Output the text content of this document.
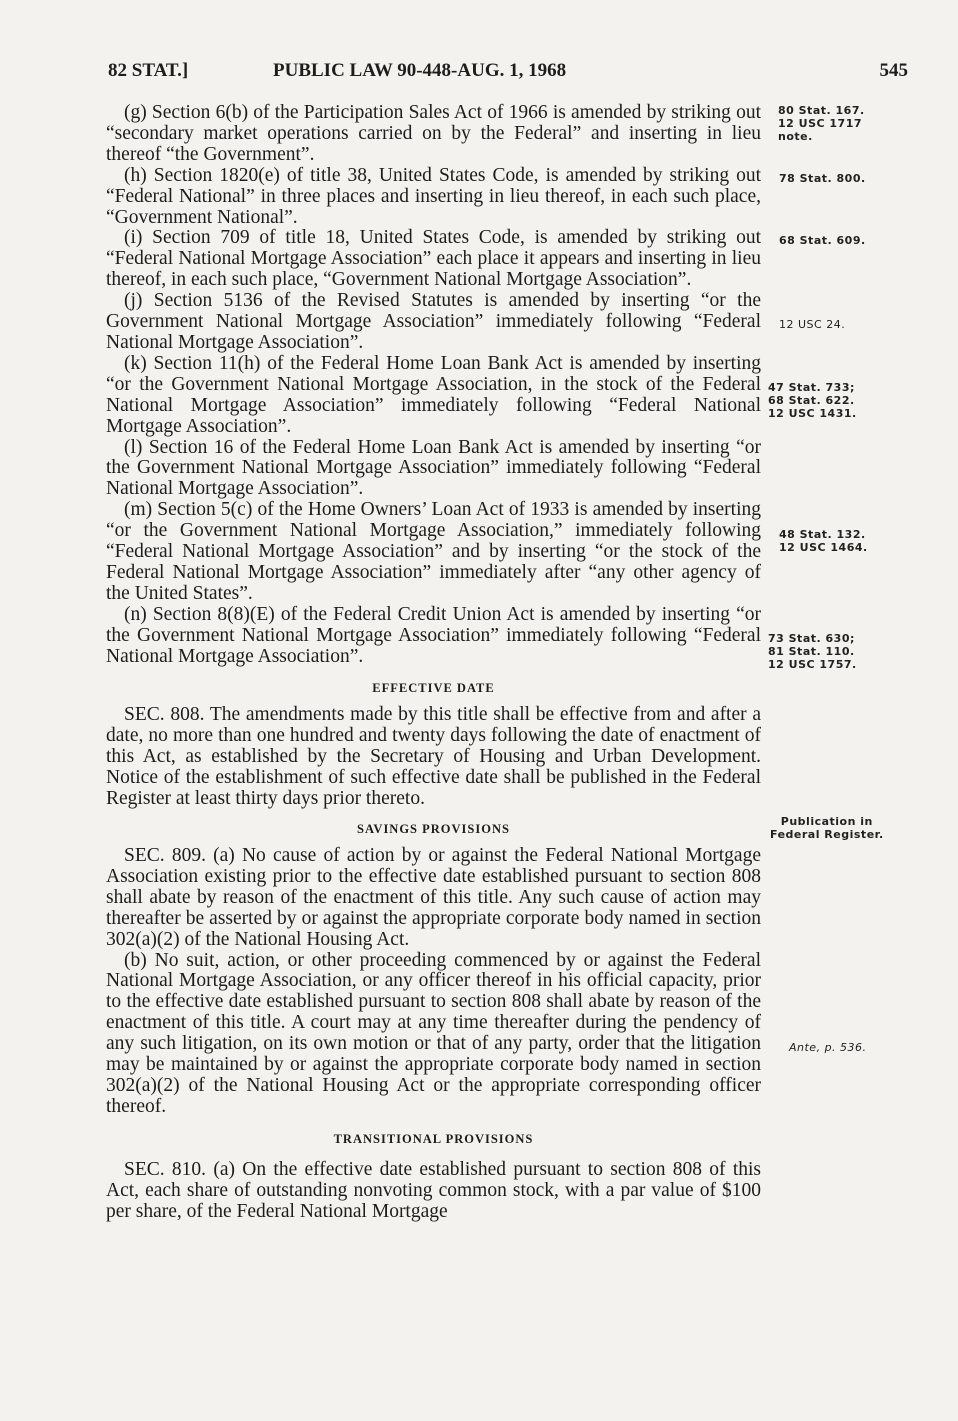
82 STAT.]	PUBLIC LAW 90-448-AUG. 1, 1968	545

(g) Section 6(b) of the Participation Sales Act of 1966 is amended by striking out “secondary market operations carried on by the Federal” and inserting in lieu thereof “the Government”.

(h) Section 1820(e) of title 38, United States Code, is amended by striking out “Federal National” in three places and inserting in lieu thereof, in each such place, “Government National”.

(i) Section 709 of title 18, United States Code, is amended by striking out “Federal National Mortgage Association” each place it appears and inserting in lieu thereof, in each such place, “Government National Mortgage Association”.

(j) Section 5136 of the Revised Statutes is amended by inserting “or the Government National Mortgage Association” immediately following “Federal National Mortgage Association”.

(k) Section 11(h) of the Federal Home Loan Bank Act is amended by inserting “or the Government National Mortgage Association, in the stock of the Federal National Mortgage Association” immediately following “Federal National Mortgage Association”.

(l) Section 16 of the Federal Home Loan Bank Act is amended by inserting “or the Government National Mortgage Association” immediately following “Federal National Mortgage Association”.

(m) Section 5(c) of the Home Owners’ Loan Act of 1933 is amended by inserting “or the Government National Mortgage Association,” immediately following “Federal National Mortgage Association” and by inserting “or the stock of the Federal National Mortgage Association” immediately after “any other agency of the United States”.

(n) Section 8(8)(E) of the Federal Credit Union Act is amended by inserting “or the Government National Mortgage Association” immediately following “Federal National Mortgage Association”.

EFFECTIVE DATE

SEC. 808. The amendments made by this title shall be effective from and after a date, no more than one hundred and twenty days following the date of enactment of this Act, as established by the Secretary of Housing and Urban Development. Notice of the establishment of such effective date shall be published in the Federal Register at least thirty days prior thereto.

SAVINGS PROVISIONS

SEC. 809. (a) No cause of action by or against the Federal National Mortgage Association existing prior to the effective date established pursuant to section 808 shall abate by reason of the enactment of this title. Any such cause of action may thereafter be asserted by or against the appropriate corporate body named in section 302(a)(2) of the National Housing Act.

(b) No suit, action, or other proceeding commenced by or against the Federal National Mortgage Association, or any officer thereof in his official capacity, prior to the effective date established pursuant to section 808 shall abate by reason of the enactment of this title. A court may at any time thereafter during the pendency of any such litigation, on its own motion or that of any party, order that the litigation may be maintained by or against the appropriate corporate body named in section 302(a)(2) of the National Housing Act or the appropriate corresponding officer thereof.

TRANSITIONAL PROVISIONS

SEC. 810. (a) On the effective date established pursuant to section 808 of this Act, each share of outstanding nonvoting common stock, with a par value of $100 per share, of the Federal National Mortgage

80 Stat. 167.
12 USC 1717
note.
78 Stat. 800.
68 Stat. 609.
12 USC 24.
47 Stat. 733;
68 Stat. 622.
12 USC 1431.
48 Stat. 132.
12 USC 1464.
73 Stat. 630;
81 Stat. 110.
12 USC 1757.
Publication in
Federal Register.
Ante, p. 536.
